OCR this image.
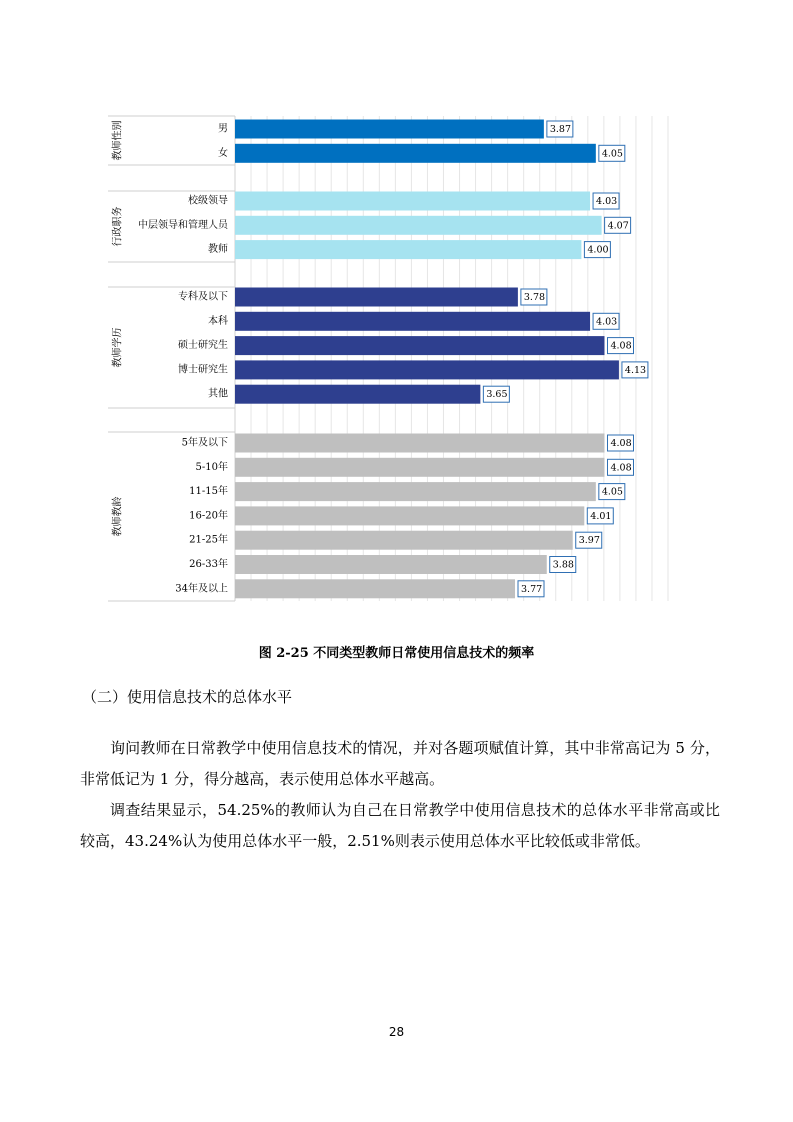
教师性别	男	3.87
女	4.05
行政职务
校级领导	4.03
中层领导和管理人员	4.07
教师	4.00
教师学历
专科及以下	3.78
本科	4.03
硕士研究生	4.08
博士研究生	4.13
其他	3.65
教师教龄
5年及以下	4.08
5-10年	4.08
11-15年	4.05
16-20年	4.01
21-25年	3.97
26-33年	3.88
34年及以上	3.77
图 2-25 不同类型教师日常使用信息技术的频率
（二）使用信息技术的总体水平

询问教师在日常教学中使用信息技术的情况，并对各题项赋值计算，其中非常高记为 5 分，非常低记为 1 分，得分越高，表示使用总体水平越高。

调查结果显示，54.25%的教师认为自己在日常教学中使用信息技术的总体水平非常高或比较高，43.24%认为使用总体水平一般，2.51%则表示使用总体水平比较低或非常低。

28
